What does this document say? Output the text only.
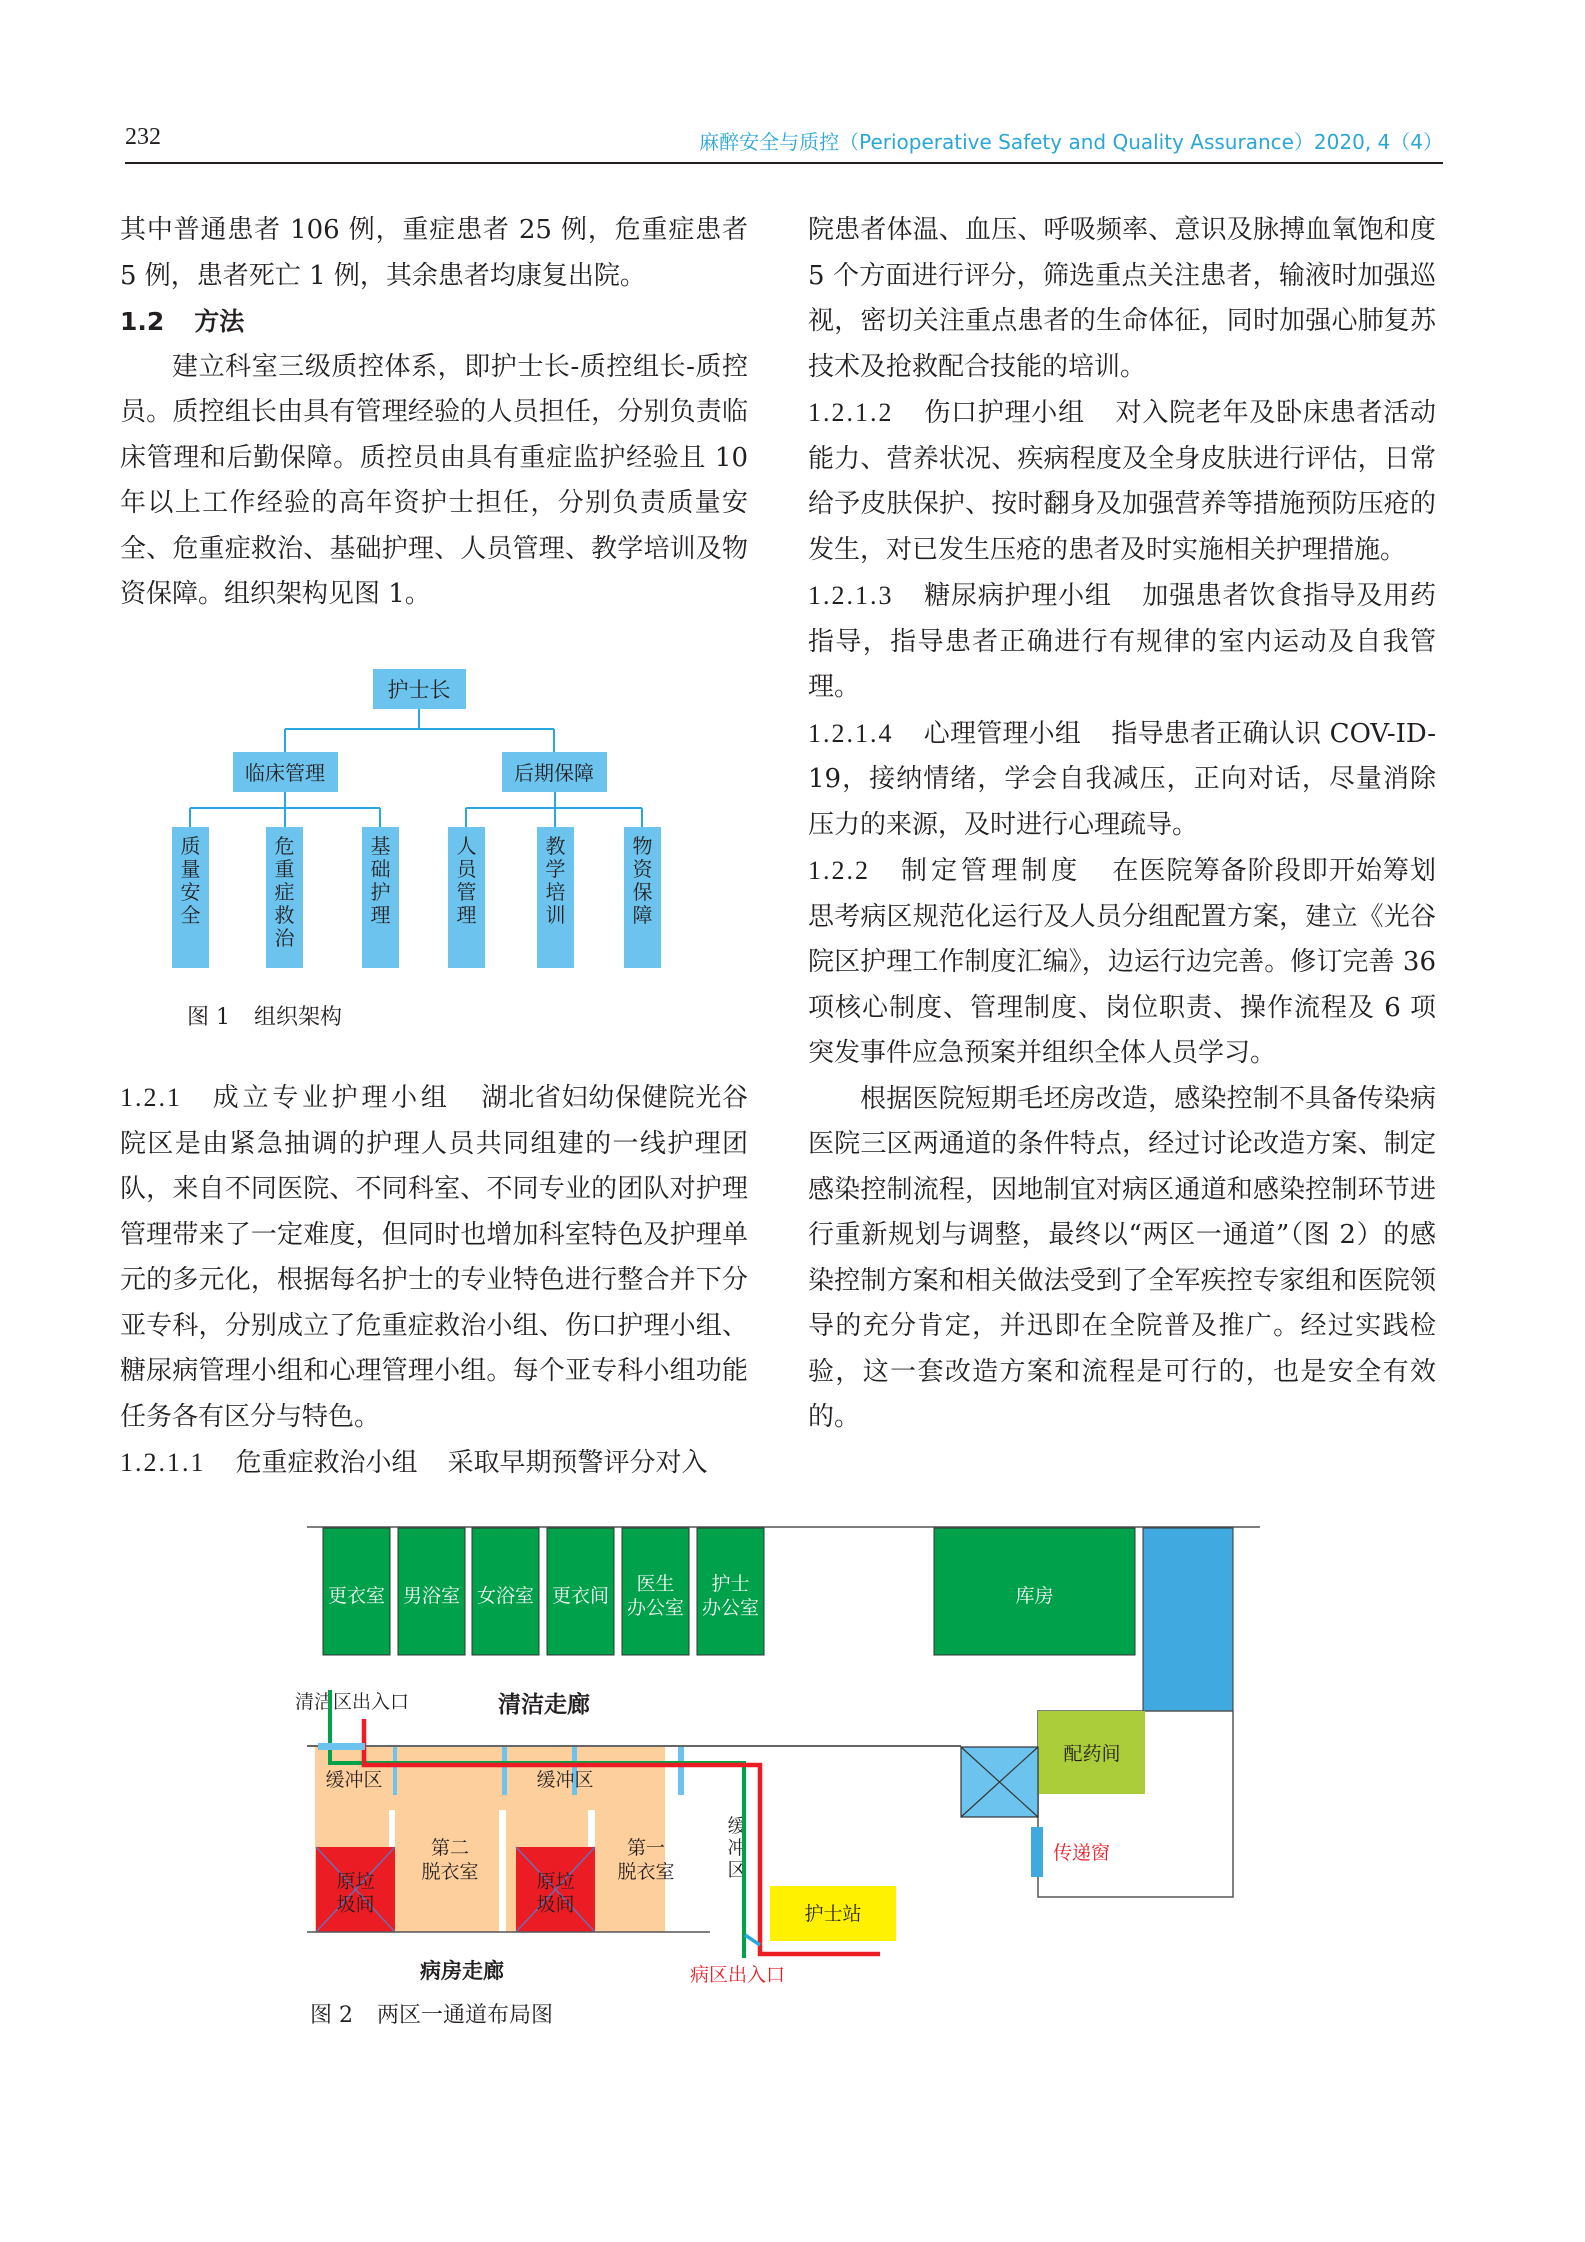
232	麻醉安全与质控（Perioperative Safety and Quality Assurance）2020, 4（4）

其中普通患者 106 例，重症患者 25 例，危重症患者 5 例，患者死亡 1 例，其余患者均康复出院。

1.2 方法

建立科室三级质控体系，即护士长-质控组长-质控员。质控组长由具有管理经验的人员担任，分别负责临床管理和后勤保障。质控员由具有重症监护经验且 10 年以上工作经验的高年资护士担任，分别负责质量安全、危重症救治、基础护理、人员管理、教学培训及物资保障。组织架构见图 1。

1.2.1 成立专业护理小组 湖北省妇幼保健院光谷院区是由紧急抽调的护理人员共同组建的一线护理团队，来自不同医院、不同科室、不同专业的团队对护理管理带来了一定难度，但同时也增加科室特色及护理单元的多元化，根据每名护士的专业特色进行整合并下分亚专科，分别成立了危重症救治小组、伤口护理小组、糖尿病管理小组和心理管理小组。每个亚专科小组功能任务各有区分与特色。

1.2.1.1 危重症救治小组 采取早期预警评分对入

院患者体温、血压、呼吸频率、意识及脉搏血氧饱和度 5 个方面进行评分，筛选重点关注患者，输液时加强巡视，密切关注重点患者的生命体征，同时加强心肺复苏技术及抢救配合技能的培训。

1.2.1.2 伤口护理小组 对入院老年及卧床患者活动能力、营养状况、疾病程度及全身皮肤进行评估，日常给予皮肤保护、按时翻身及加强营养等措施预防压疮的发生，对已发生压疮的患者及时实施相关护理措施。

1.2.1.3 糖尿病护理小组 加强患者饮食指导及用药指导，指导患者正确进行有规律的室内运动及自我管理。

1.2.1.4 心理管理小组 指导患者正确认识 COV-ID-19，接纳情绪，学会自我减压，正向对话，尽量消除压力的来源，及时进行心理疏导。

1.2.2 制定管理制度 在医院筹备阶段即开始筹划思考病区规范化运行及人员分组配置方案，建立《光谷院区护理工作制度汇编》，边运行边完善。修订完善 36 项核心制度、管理制度、岗位职责、操作流程及 6 项突发事件应急预案并组织全体人员学习。

根据医院短期毛坯房改造，感染控制不具备传染病医院三区两通道的条件特点，经过讨论改造方案、制定感染控制流程，因地制宜对病区通道和感染控制环节进行重新规划与调整，最终以“两区一通道”（图 2）的感染控制方案和相关做法受到了全军疾控专家组和医院领导的充分肯定，并迅即在全院普及推广。经过实践检验，这一套改造方案和流程是可行的，也是安全有效的。

护士长
临床管理	后期保障
质量安全
危重症救治
基础护理
人员管理
教学培训
物资保障
图 1 组织架构
更衣室 男浴室 女浴室 更衣间
医生办公室
护士办公室
库房
配药间
传递窗
清洁区出入口	清洁走廊
原垃圾间
原垃圾间
第二脱衣室
第一脱衣室
缓冲区	缓冲区
缓冲区
护士站
病房走廊	病区出入口
图 2 两区一通道布局图
